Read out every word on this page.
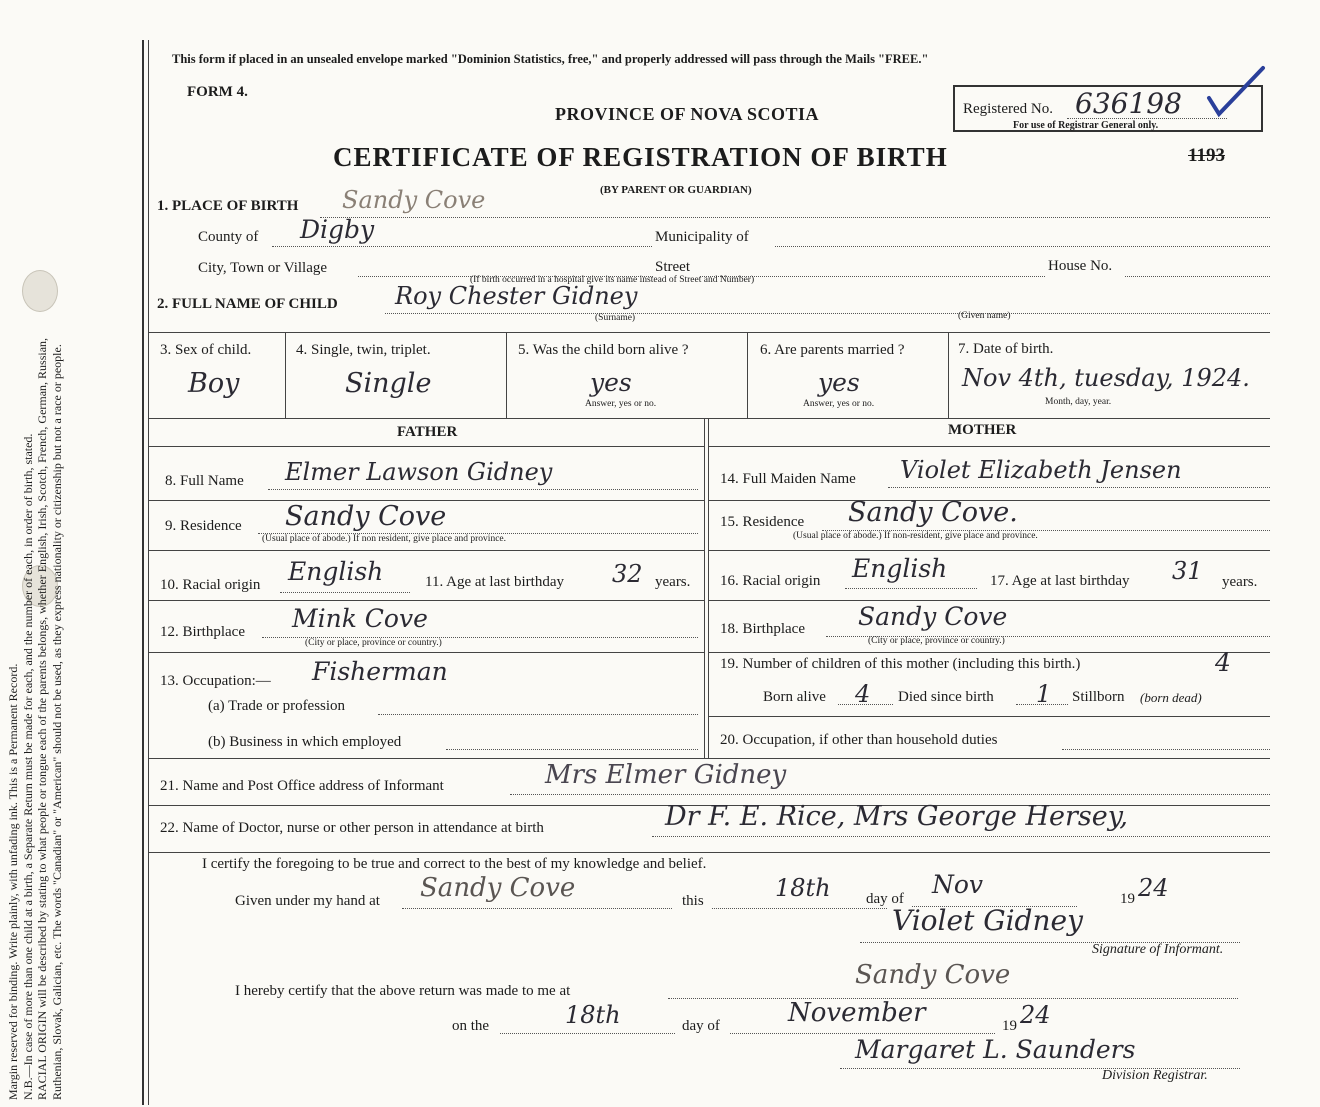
Margin reserved for binding. Write plainly, with unfading ink. This is a Permanent Record. N.B.—In case of more than one child at a birth, a Separate Return must be made for each, and the number of each, in order of birth, stated. RACIAL ORIGIN will be described by stating to what people or tongue each of the parents belongs, whether English, Irish, Scotch, French, German, Russian, Ruthenian, Slovak, Galician, etc. The words "Canadian" or "American" should not be used, as they express nationality or citizenship but not a race or people.
This form if placed in an unsealed envelope marked "Dominion Statistics, free," and properly addressed will pass through the Mails "FREE."
FORM 4.
PROVINCE OF NOVA SCOTIA
CERTIFICATE OF REGISTRATION OF BIRTH
(BY PARENT OR GUARDIAN)
Registered No. 636198
For use of Registrar General only.
1193
1. PLACE OF BIRTH Sandy Cove
County of Digby	Municipality of
City, Town or Village	Street	House No.
(If birth occurred in a hospital give its name instead of Street and Number)
2. FULL NAME OF CHILD Roy Chester Gidney
(Surname)	(Given name)
3. Sex of child.
Boy
4. Single, twin, triplet.
Single
5. Was the child born alive ?
yes
Answer, yes or no.
6. Are parents married ?
yes
Answer, yes or no.
7. Date of birth.
Nov 4th, tuesday, 1924.
Month, day, year.
FATHER	MOTHER
8. Full Name Elmer Lawson Gidney
9. Residence Sandy Cove
(Usual place of abode.) If non resident, give place and province.
10. Racial origin English	11. Age at last birthday 32 years.
12. Birthplace Mink Cove
(City or place, province or country.)
13. Occupation:— Fisherman
(a) Trade or profession
(b) Business in which employed
14. Full Maiden Name Violet Elizabeth Jensen
15. Residence Sandy Cove.
(Usual place of abode.) If non-resident, give place and province.
16. Racial origin English	17. Age at last birthday 31 years.
18. Birthplace Sandy Cove
(City or place, province or country.)
19. Number of children of this mother (including this birth.)	4
Born alive 4 Died since birth 1 Stillborn (born dead)
20. Occupation, if other than household duties
21. Name and Post Office address of Informant	Mrs Elmer Gidney
22. Name of Doctor, nurse or other person in attendance at birth	Dr F. E. Rice, Mrs George Hersey,
I certify the foregoing to be true and correct to the best of my knowledge and belief.
Given under my hand at Sandy Cove	this	18th day of Nov	19 24
Violet Gidney
Signature of Informant.
I hereby certify that the above return was made to me at
Sandy Cove
on the	18th	day of	November	19 24
Margaret L. Saunders
Division Registrar.
